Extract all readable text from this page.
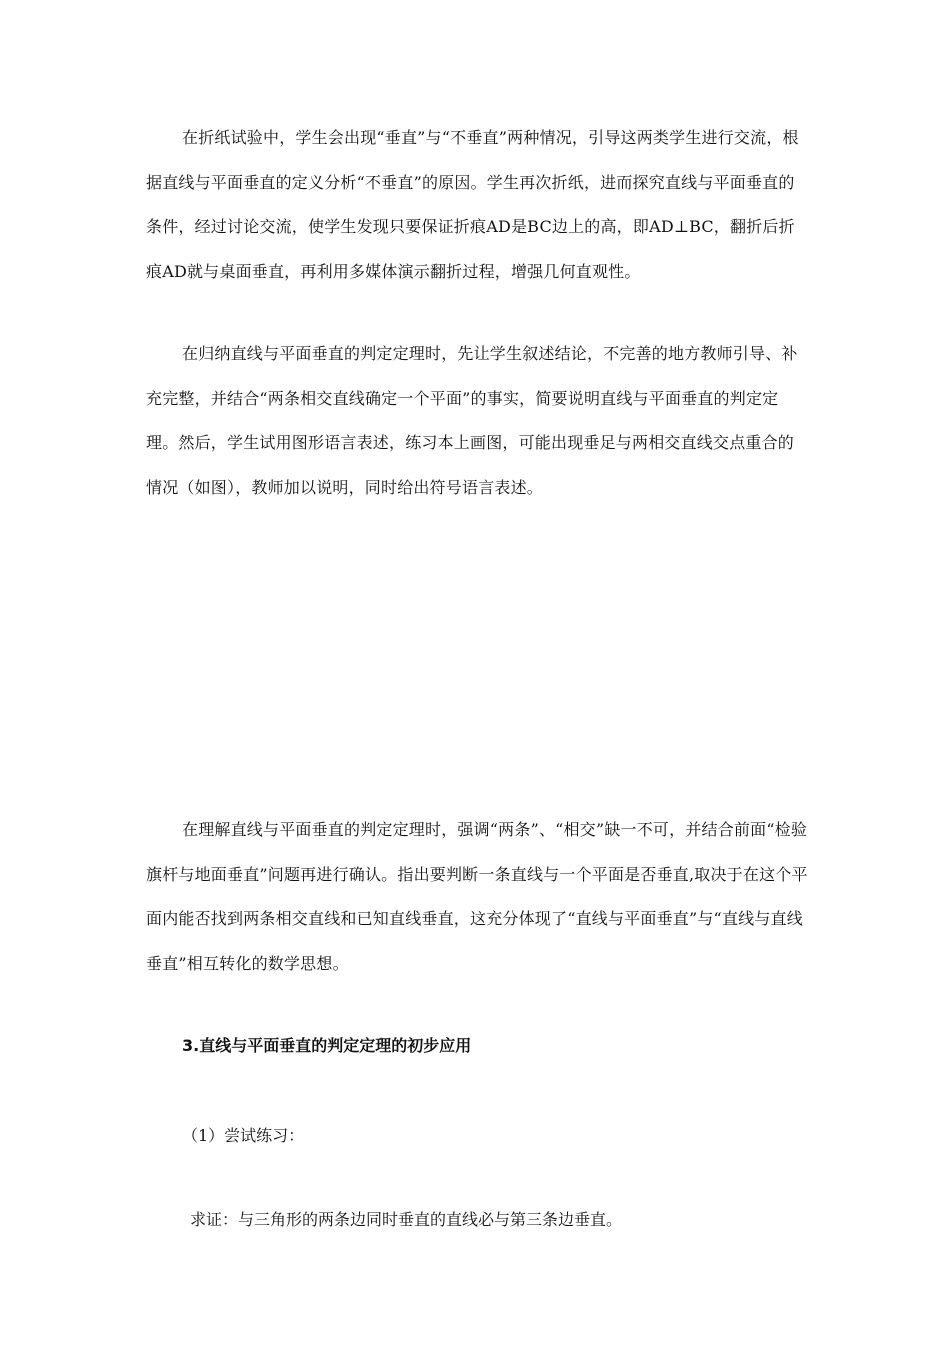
在折纸试验中，学生会出现“垂直”与“不垂直”两种情况，引导这两类学生进行交流，根据直线与平面垂直的定义分析“不垂直”的原因。学生再次折纸，进而探究直线与平面垂直的条件，经过讨论交流，使学生发现只要保证折痕AD是BC边上的高，即AD⊥BC，翻折后折痕AD就与桌面垂直，再利用多媒体演示翻折过程，增强几何直观性。

在归纳直线与平面垂直的判定定理时，先让学生叙述结论，不完善的地方教师引导、补充完整，并结合“两条相交直线确定一个平面”的事实，简要说明直线与平面垂直的判定定理。然后，学生试用图形语言表述，练习本上画图，可能出现垂足与两相交直线交点重合的情况（如图），教师加以说明，同时给出符号语言表述。

在理解直线与平面垂直的判定定理时，强调“两条”、“相交”缺一不可，并结合前面“检验旗杆与地面垂直”问题再进行确认。指出要判断一条直线与一个平面是否垂直,取决于在这个平面内能否找到两条相交直线和已知直线垂直，这充分体现了“直线与平面垂直”与“直线与直线垂直”相互转化的数学思想。

3.直线与平面垂直的判定定理的初步应用

（1）尝试练习：

求证：与三角形的两条边同时垂直的直线必与第三条边垂直。
